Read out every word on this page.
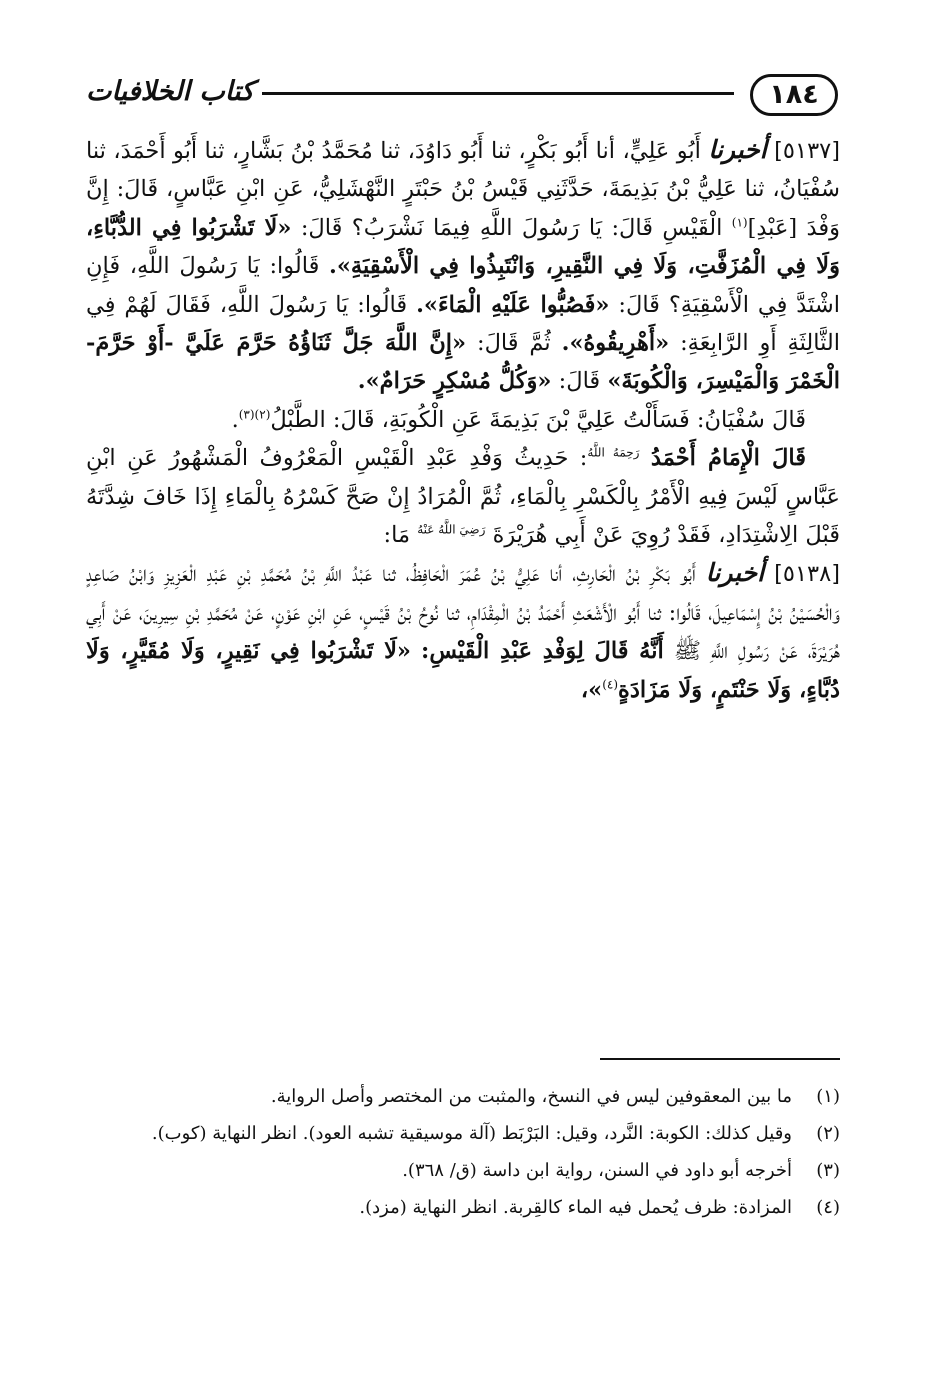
١٨٤
كتاب الخلافيات

[٥١٣٧] أخبرنا أَبُو عَلِيٍّ، أنا أَبُو بَكْرٍ، ثنا أَبُو دَاوُدَ، ثنا مُحَمَّدُ بْنُ بَشَّارٍ، ثنا أَبُو أَحْمَدَ، ثنا سُفْيَانُ، ثنا عَلِيُّ بْنُ بَذِيمَةَ، حَدَّثَنِي قَيْسُ بْنُ حَبْتَرٍ النَّهْشَلِيُّ، عَنِ ابْنِ عَبَّاسٍ، قَالَ: إِنَّ وَفْدَ [عَبْدِ]$^{(١)}$ الْقَيْسِ قَالَ: يَا رَسُولَ اللَّهِ فِيمَا نَشْرَبُ؟ قَالَ: «لَا تَشْرَبُوا فِي الدُّبَّاءِ، وَلَا فِي الْمُزَفَّتِ، وَلَا فِي النَّقِيرِ، وَانْتَبِذُوا فِي الْأَسْقِيَةِ». قَالُوا: يَا رَسُولَ اللَّهِ، فَإِنِ اشْتَدَّ فِي الْأَسْقِيَةِ؟ قَالَ: «فَصُبُّوا عَلَيْهِ الْمَاءَ». قَالُوا: يَا رَسُولَ اللَّهِ، فَقَالَ لَهُمْ فِي الثَّالِثَةِ أَوِ الرَّابِعَةِ: «أَهْرِيقُوهُ». ثُمَّ قَالَ: «إِنَّ اللَّهَ جَلَّ ثَنَاؤُهُ حَرَّمَ عَلَيَّ -أَوْ حَرَّمَ- الْخَمْرَ وَالْمَيْسِرَ، وَالْكُوبَةَ» قَالَ: «وَكُلُّ مُسْكِرٍ حَرَامٌ».

قَالَ سُفْيَانُ: فَسَأَلْتُ عَلِيَّ بْنَ بَذِيمَةَ عَنِ الْكُوبَةِ، قَالَ: الطَّبْلُ$^{(٢)(٣)}$.

قَالَ الْإِمَامُ أَحْمَدُ $^{رَحِمَهُ اللَّهُ}$: حَدِيثُ وَفْدِ عَبْدِ الْقَيْسِ الْمَعْرُوفُ الْمَشْهُورُ عَنِ ابْنِ عَبَّاسٍ لَيْسَ فِيهِ الْأَمْرُ بِالْكَسْرِ بِالْمَاءِ، ثُمَّ الْمُرَادُ إِنْ صَحَّ كَسْرُهُ بِالْمَاءِ إِذَا خَافَ شِدَّتَهُ قَبْلَ الِاشْتِدَادِ، فَقَدْ رُوِيَ عَنْ أَبِي هُرَيْرَةَ $^{رَضِيَ اللَّهُ عَنْهُ}$ مَا:

[٥١٣٨] أخبرنا أَبُو بَكْرِ بْنُ الْحَارِثِ، أنا عَلِيُّ بْنُ عُمَرَ الْحَافِظُ، ثنا عَبْدُ اللَّهِ بْنُ مُحَمَّدِ بْنِ عَبْدِ الْعَزِيزِ وَابْنُ صَاعِدٍ وَالْحُسَيْنُ بْنُ إِسْمَاعِيلَ، قَالُوا: ثنا أَبُو الْأَشْعَثِ أَحْمَدُ بْنُ الْمِقْدَامِ، ثنا نُوحُ بْنُ قَيْسٍ، عَنِ ابْنِ عَوْنٍ، عَنْ مُحَمَّدِ بْنِ سِيرِينَ، عَنْ أَبِي هُرَيْرَةَ، عَنْ رَسُولِ اللَّهِ ﷺ أَنَّهُ قَالَ لِوَفْدِ عَبْدِ الْقَيْسِ: «لَا تَشْرَبُوا فِي نَقِيرٍ، وَلَا مُقَيَّرٍ، وَلَا دُبَّاءٍ، وَلَا حَنْتَمٍ، وَلَا مَزَادَةٍ$^{(٤)}$»،

(١)
ما بين المعقوفين ليس في النسخ، والمثبت من المختصر وأصل الرواية.
(٢)
وقيل كذلك: الكوبة: النَّرد، وقيل: البَرْبَط (آلة موسيقية تشبه العود). انظر النهاية (كوب).
(٣)
أخرجه أبو داود في السنن، رواية ابن داسة (ق/ ٣٦٨).
(٤)
المزادة: ظرف يُحمل فيه الماء كالقِربة. انظر النهاية (مزد).
